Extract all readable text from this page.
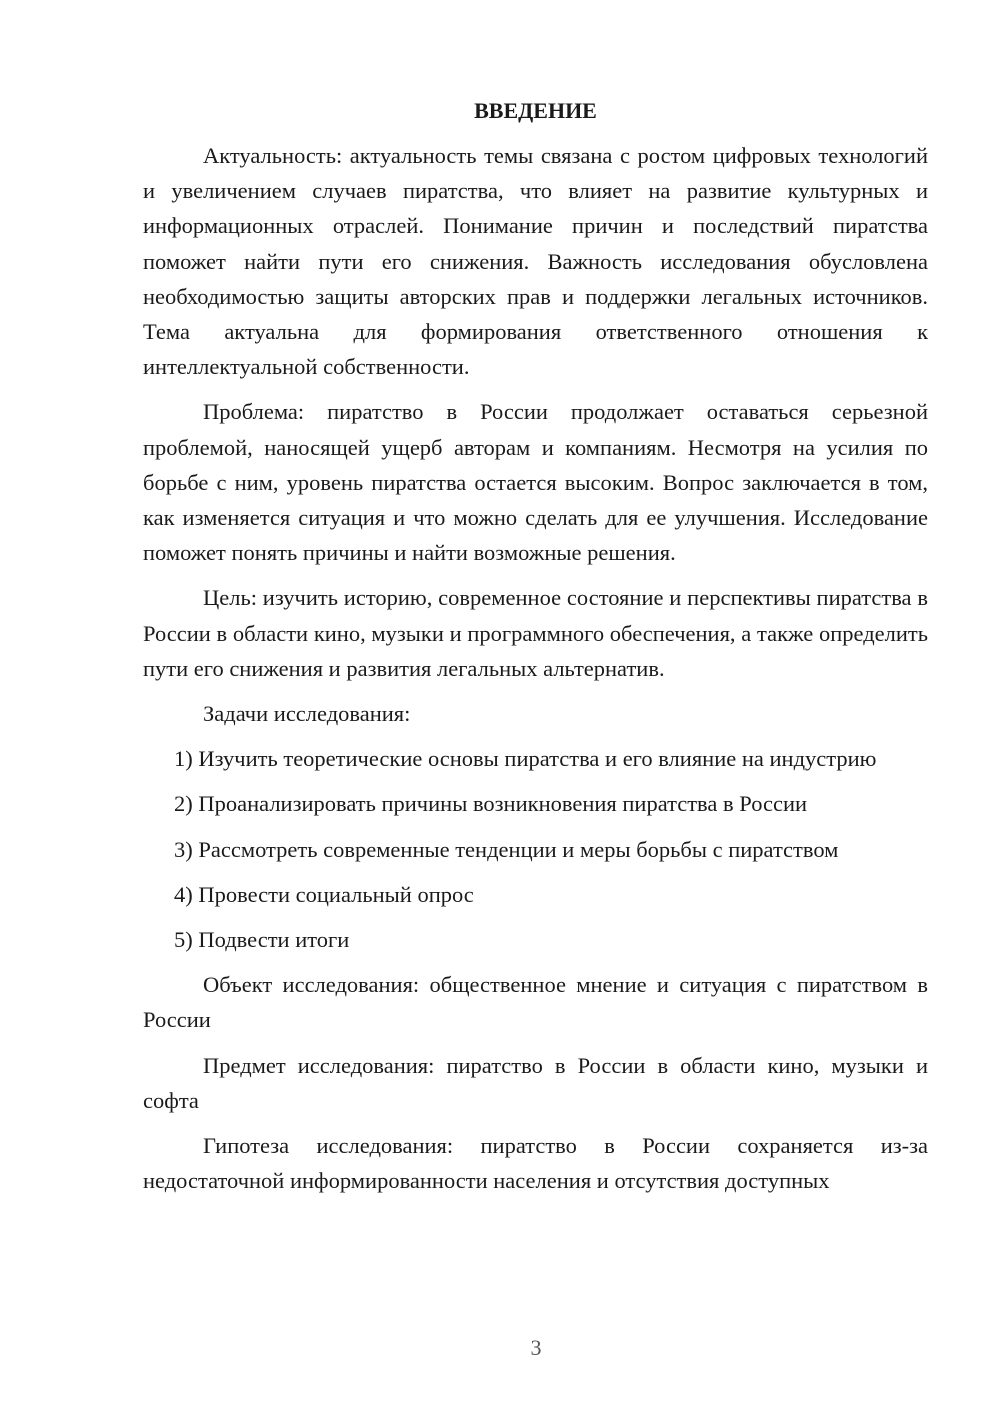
ВВЕДЕНИЕ

Актуальность: актуальность темы связана с ростом цифровых технологий и увеличением случаев пиратства, что влияет на развитие культурных и информационных отраслей. Понимание причин и последствий пиратства поможет найти пути его снижения. Важность исследования обусловлена необходимостью защиты авторских прав и поддержки легальных источников. Тема актуальна для формирования ответственного отношения к интеллектуальной собственности.

Проблема: пиратство в России продолжает оставаться серьезной проблемой, наносящей ущерб авторам и компаниям. Несмотря на усилия по борьбе с ним, уровень пиратства остается высоким. Вопрос заключается в том, как изменяется ситуация и что можно сделать для ее улучшения. Исследование поможет понять причины и найти возможные решения.

Цель: изучить историю, современное состояние и перспективы пиратства в России в области кино, музыки и программного обеспечения, а также определить пути его снижения и развития легальных альтернатив.

Задачи исследования:

1) Изучить теоретические основы пиратства и его влияние на индустрию

2) Проанализировать причины возникновения пиратства в России

3) Рассмотреть современные тенденции и меры борьбы с пиратством

4) Провести социальный опрос

5) Подвести итоги

Объект исследования: общественное мнение и ситуация с пиратством в России

Предмет исследования: пиратство в России в области кино, музыки и софта

Гипотеза исследования: пиратство в России сохраняется из-за недостаточной информированности населения и отсутствия доступных

3
